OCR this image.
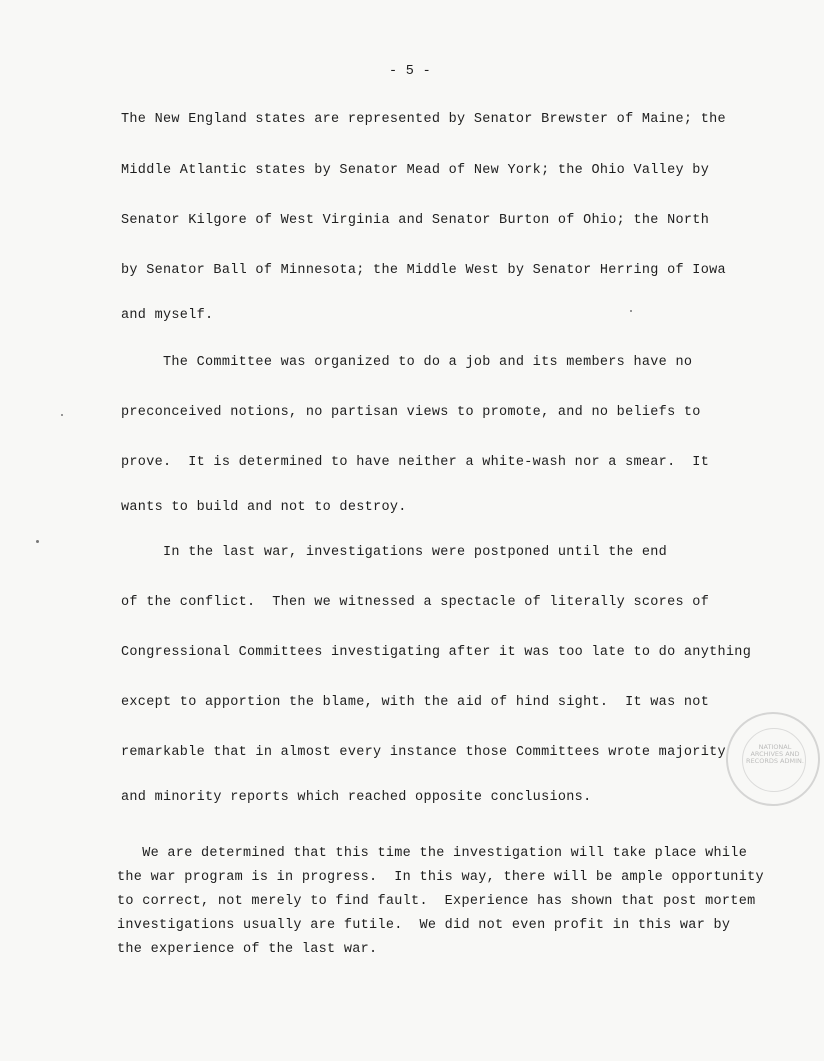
- 5 -
The New England states are represented by Senator Brewster of Maine; the
Middle Atlantic states by Senator Mead of New York; the Ohio Valley by
Senator Kilgore of West Virginia and Senator Burton of Ohio; the North
by Senator Ball of Minnesota; the Middle West by Senator Herring of Iowa
and myself.
The Committee was organized to do a job and its members have no
preconceived notions, no partisan views to promote, and no beliefs to
prove.  It is determined to have neither a white-wash nor a smear.  It
wants to build and not to destroy.
In the last war, investigations were postponed until the end
of the conflict.  Then we witnessed a spectacle of literally scores of
Congressional Committees investigating after it was too late to do anything
except to apportion the blame, with the aid of hind sight.  It was not
remarkable that in almost every instance those Committees wrote majority
and minority reports which reached opposite conclusions.
We are determined that this time the investigation will take place while
the war program is in progress.  In this way, there will be ample opportunity
to correct, not merely to find fault.  Experience has shown that post mortem
investigations usually are futile.  We did not even profit in this war by
the experience of the last war.
NATIONAL ARCHIVES AND RECORDS ADMIN.
